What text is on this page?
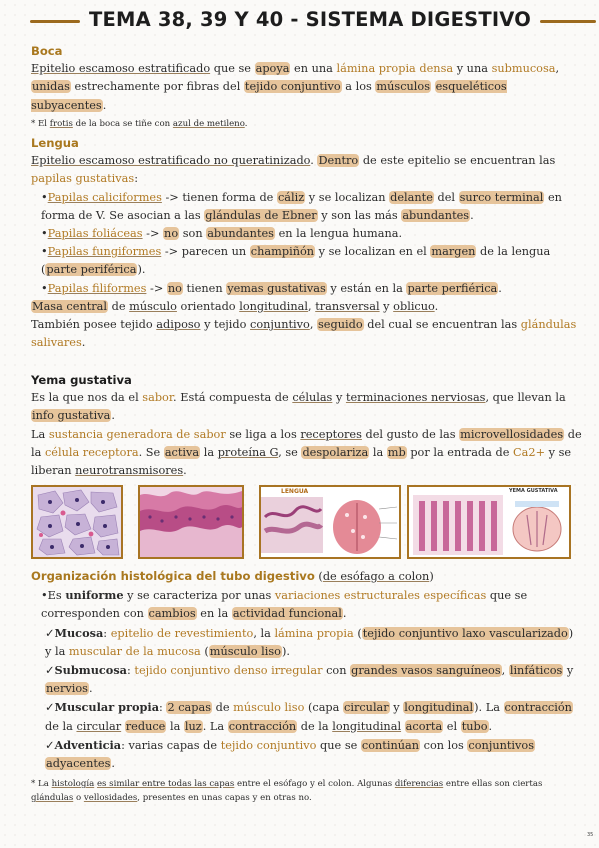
TEMA 38, 39 Y 40 - SISTEMA DIGESTIVO
Boca
Epitelio escamoso estratificado que se apoya en una lámina propia densa y una submucosa, unidas estrechamente por fibras del tejido conjuntivo a los músculos esqueléticos subyacentes.
* El frotis de la boca se tiñe con azul de metileno.
Lengua
Epitelio escamoso estratificado no queratinizado. Dentro de este epitelio se encuentran las papilas gustativas:
•Papilas caliciformes -> tienen forma de cáliz y se localizan delante del surco terminal en forma de V. Se asocian a las glándulas de Ebner y son las más abundantes.
•Papilas foliáceas -> no son abundantes en la lengua humana.
•Papilas fungiformes -> parecen un champiñón y se localizan en el margen de la lengua (parte periférica).
•Papilas filiformes -> no tienen yemas gustativas y están en la parte perfiérica.
Masa central de músculo orientado longitudinal, transversal y oblicuo.
También posee tejido adiposo y tejido conjuntivo, seguido del cual se encuentran las glándulas salivares.
Yema gustativa
Es la que nos da el sabor. Está compuesta de células y terminaciones nerviosas, que llevan la info gustativa.
La sustancia generadora de sabor se liga a los receptores del gusto de las microvellosidades de la célula receptora. Se activa la proteína G, se despolariza la mb por la entrada de Ca2+ y se liberan neurotransmisores.
LENGUA	YEMA GUSTATIVA
Organización histológica del tubo digestivo (de esófago a colon)
•Es uniforme y se caracteriza por unas variaciones estructurales específicas que se corresponden con cambios en la actividad funcional.
✓Mucosa: epitelio de revestimiento, la lámina propia (tejido conjuntivo laxo vascularizado) y la muscular de la mucosa (músculo liso).
✓Submucosa: tejido conjuntivo denso irregular con grandes vasos sanguíneos, linfáticos y nervios.
✓Muscular propia: 2 capas de músculo liso (capa circular y longitudinal). La contracción de la circular reduce la luz. La contracción de la longitudinal acorta el tubo.
✓Adventicia: varias capas de tejido conjuntivo que se continúan con los conjuntivos adyacentes.
* La histología es similar entre todas las capas entre el esófago y el colon. Algunas diferencias entre ellas son ciertas glándulas o vellosidades, presentes en unas capas y en otras no.
35
